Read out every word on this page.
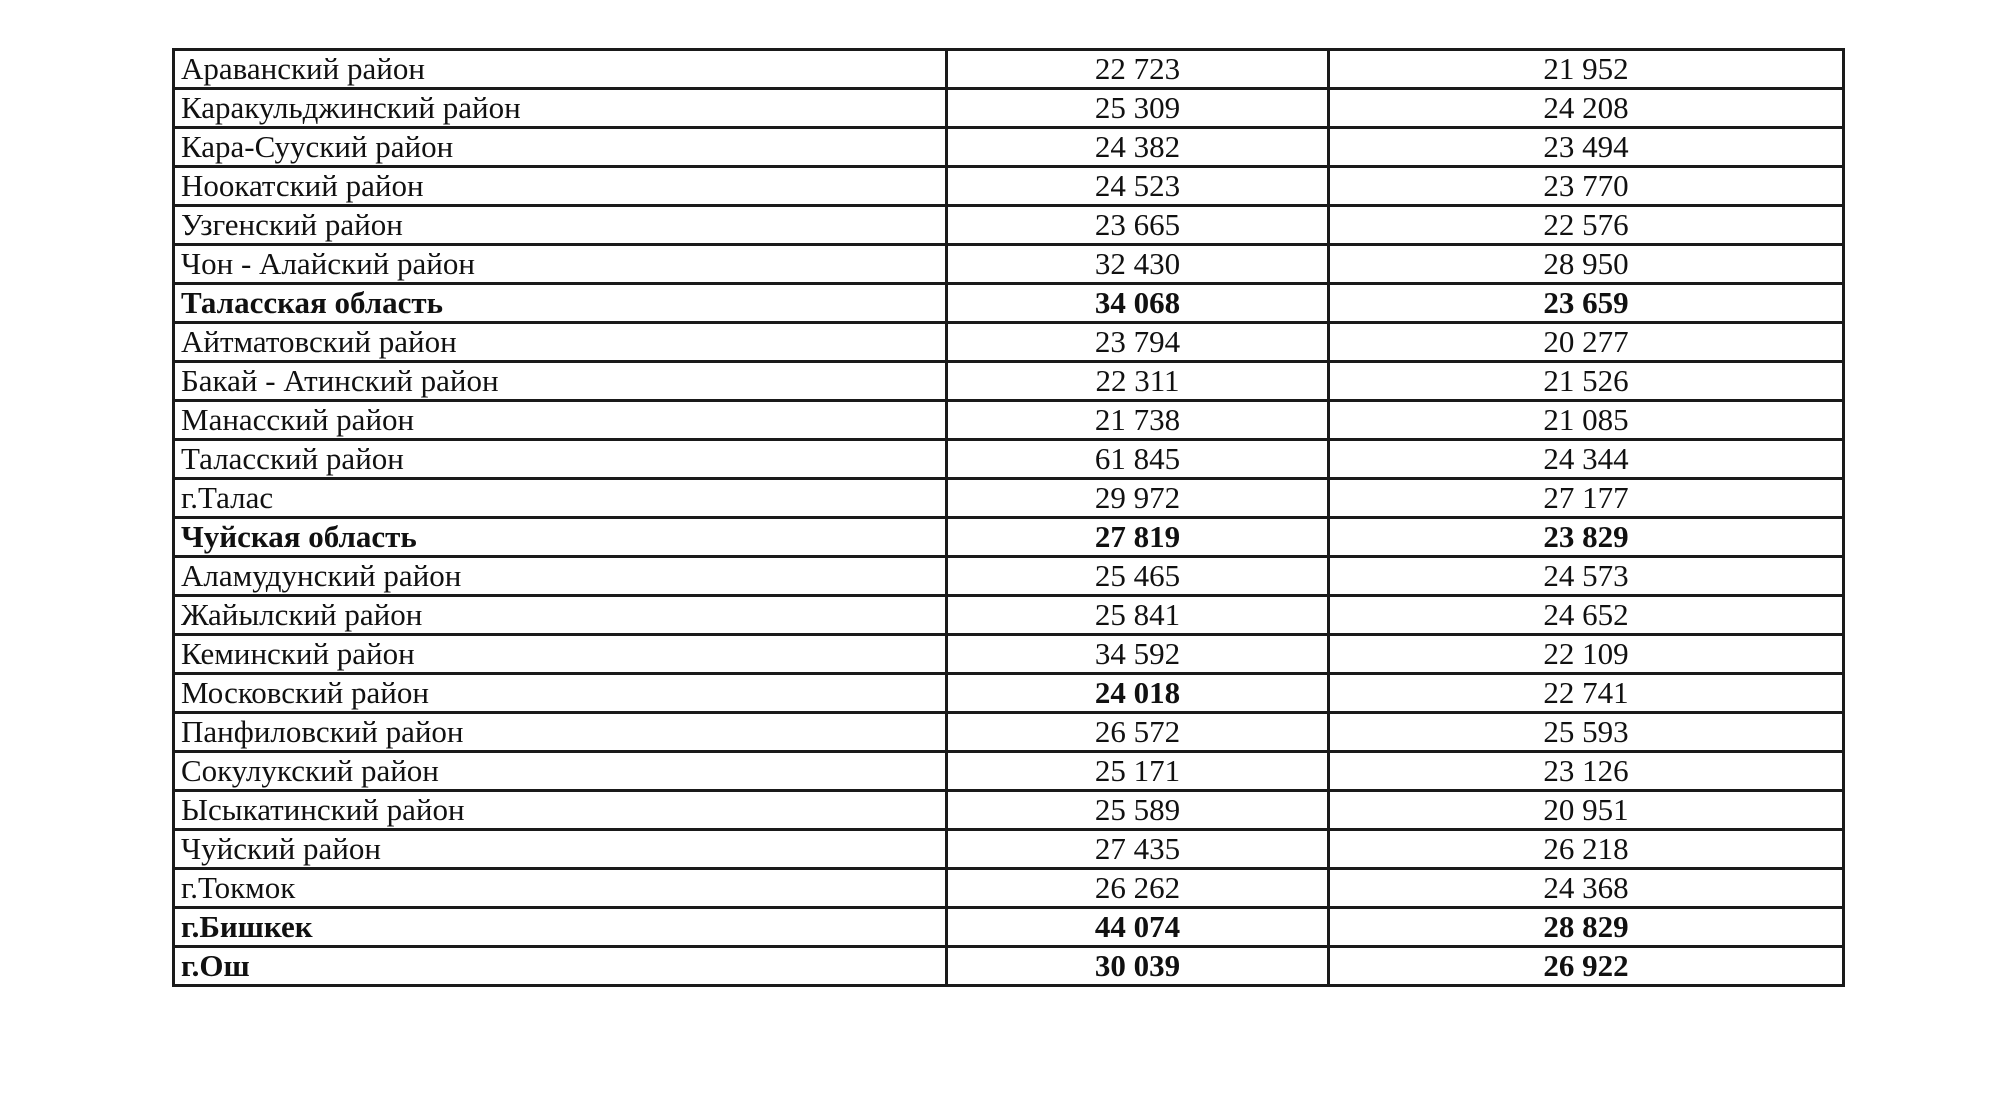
Араванский район	22 723	21 952
Каракульджинский район	25 309	24 208
Кара-Сууский район	24 382	23 494
Ноокатский район	24 523	23 770
Узгенский район	23 665	22 576
Чон - Алайский район	32 430	28 950
Таласская область	34 068	23 659
Айтматовский район	23 794	20 277
Бакай - Атинский район	22 311	21 526
Манасский район	21 738	21 085
Таласский район	61 845	24 344
г.Талас	29 972	27 177
Чуйская область	27 819	23 829
Аламудунский район	25 465	24 573
Жайылский район	25 841	24 652
Кеминский район	34 592	22 109
Московский район	24 018	22 741
Панфиловский район	26 572	25 593
Сокулукский район	25 171	23 126
Ысыкатинский район	25 589	20 951
Чуйский район	27 435	26 218
г.Токмок	26 262	24 368
г.Бишкек	44 074	28 829
г.Ош	30 039	26 922
